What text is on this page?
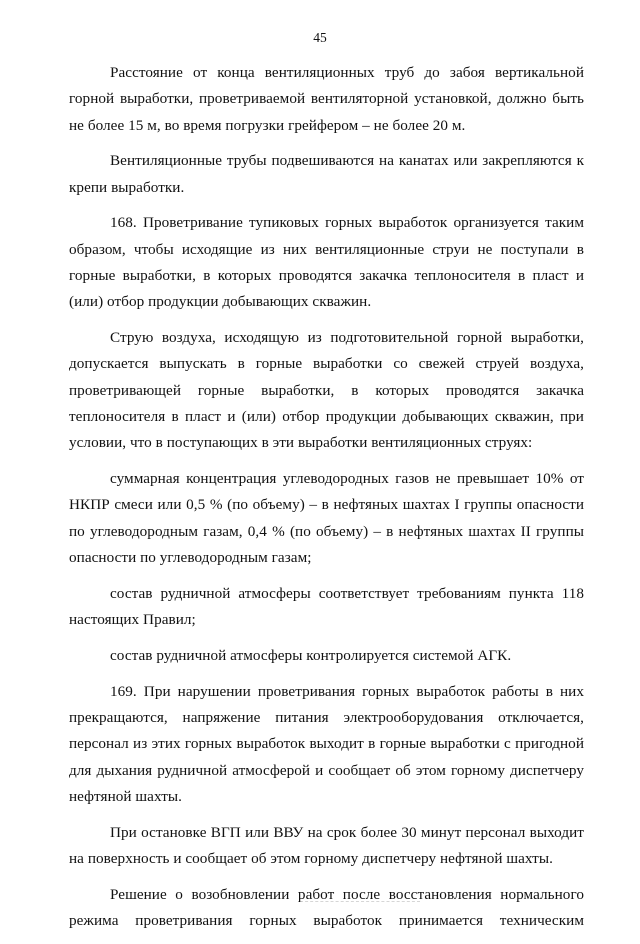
45

Расстояние от конца вентиляционных труб до забоя вертикальной горной выработки, проветриваемой вентиляторной установкой, должно быть не более 15 м, во время погрузки грейфером – не более 20 м.

Вентиляционные трубы подвешиваются на канатах или закрепляются к крепи выработки.

168. Проветривание тупиковых горных выработок организуется таким образом, чтобы исходящие из них вентиляционные струи не поступали в горные выработки, в которых проводятся закачка теплоносителя в пласт и (или) отбор продукции добывающих скважин.

Струю воздуха, исходящую из подготовительной горной выработки, допускается выпускать в горные выработки со свежей струей воздуха, проветривающей горные выработки, в которых проводятся закачка теплоносителя в пласт и (или) отбор продукции добывающих скважин, при условии, что в поступающих в эти выработки вентиляционных струях:

суммарная концентрация углеводородных газов не превышает 10% от НКПР смеси или 0,5 % (по объему) – в нефтяных шахтах I группы опасности по углеводородным газам, 0,4 % (по объему) – в нефтяных шахтах II группы опасности по углеводородным газам;

состав рудничной атмосферы соответствует требованиям пункта 118 настоящих Правил;

состав рудничной атмосферы контролируется системой АГК.

169. При нарушении проветривания горных выработок работы в них прекращаются, напряжение питания электрооборудования отключается, персонал из этих горных выработок выходит в горные выработки с пригодной для дыхания рудничной атмосферой и сообщает об этом горному диспетчеру нефтяной шахты.

При остановке ВГП или ВВУ на срок более 30 минут персонал выходит на поверхность и сообщает об этом горному диспетчеру нефтяной шахты.

Решение о возобновлении работ после восстановления нормального режима проветривания горных выработок принимается техническим
